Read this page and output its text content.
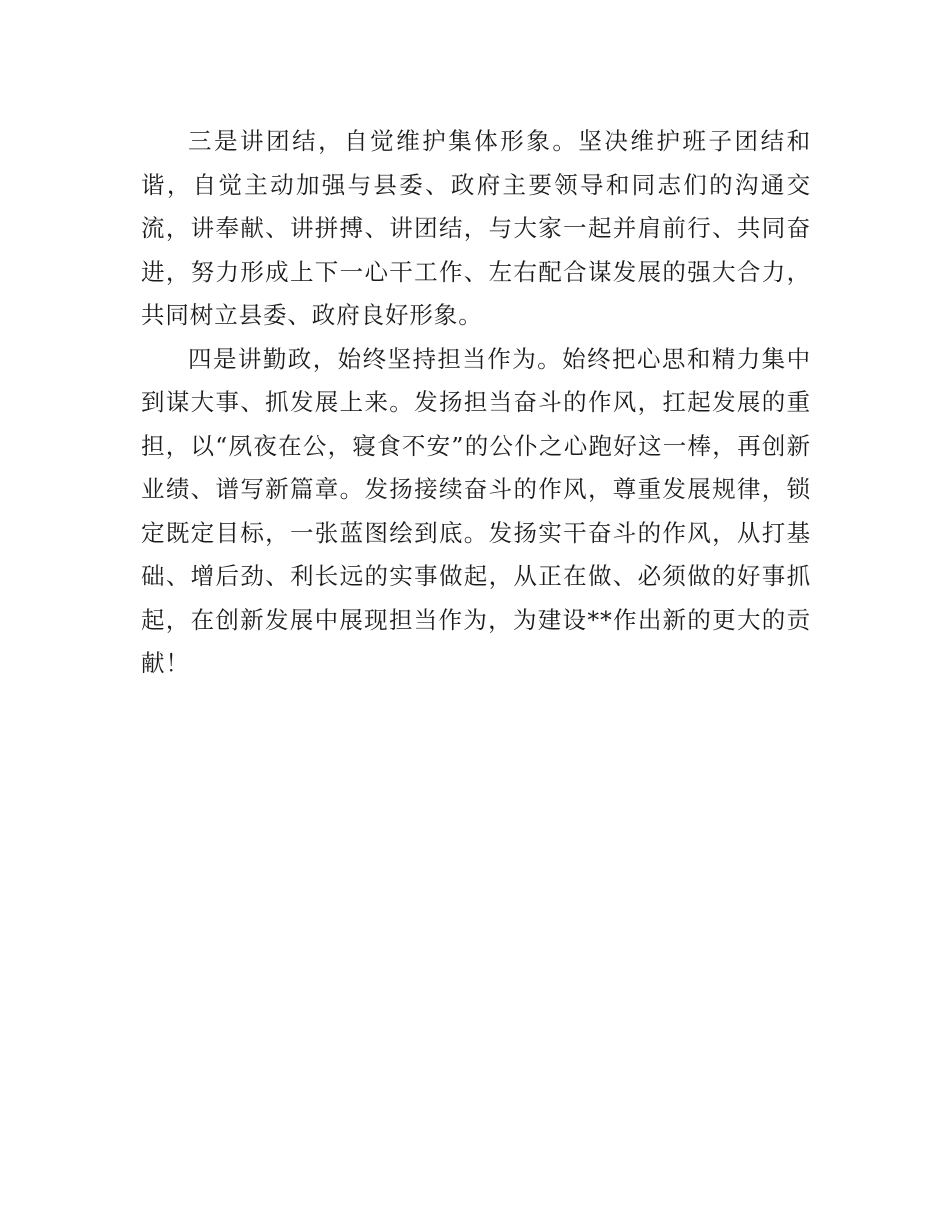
三是讲团结，自觉维护集体形象。坚决维护班子团结和谐，自觉主动加强与县委、政府主要领导和同志们的沟通交流，讲奉献、讲拼搏、讲团结，与大家一起并肩前行、共同奋进，努力形成上下一心干工作、左右配合谋发展的强大合力，共同树立县委、政府良好形象。

四是讲勤政，始终坚持担当作为。始终把心思和精力集中到谋大事、抓发展上来。发扬担当奋斗的作风，扛起发展的重担，以“夙夜在公，寝食不安”的公仆之心跑好这一棒，再创新业绩、谱写新篇章。发扬接续奋斗的作风，尊重发展规律，锁定既定目标，一张蓝图绘到底。发扬实干奋斗的作风，从打基础、增后劲、利长远的实事做起，从正在做、必须做的好事抓起，在创新发展中展现担当作为，为建设**作出新的更大的贡献！
